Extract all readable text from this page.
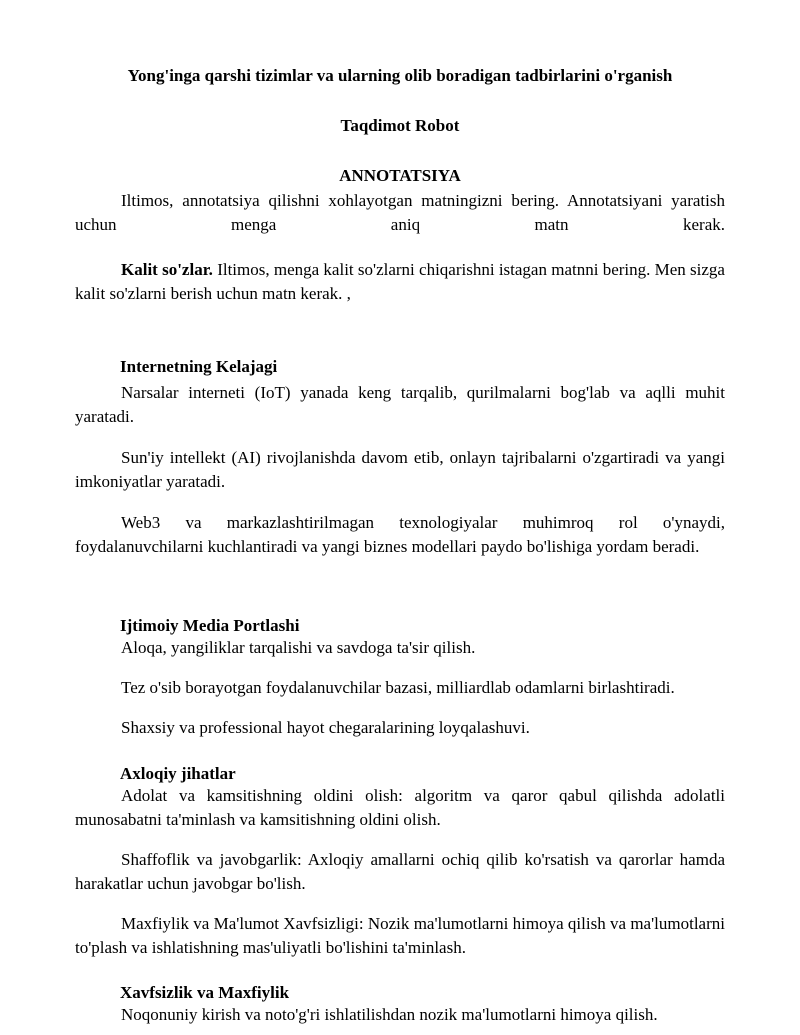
Yong'inga qarshi tizimlar va ularning olib boradigan tadbirlarini o'rganish
Taqdimot Robot
ANNOTATSIYA
Iltimos, annotatsiya qilishni xohlayotgan matningizni bering. Annotatsiyani yaratish uchun menga aniq matn kerak.
Kalit so'zlar. Iltimos, menga kalit so'zlarni chiqarishni istagan matnni bering. Men sizga kalit so'zlarni berish uchun matn kerak. ,
Internetning Kelajagi
Narsalar interneti (IoT) yanada keng tarqalib, qurilmalarni bog'lab va aqlli muhit yaratadi.
Sun'iy intellekt (AI) rivojlanishda davom etib, onlayn tajribalarni o'zgartiradi va yangi imkoniyatlar yaratadi.
Web3 va markazlashtirilmagan texnologiyalar muhimroq rol o'ynaydi, foydalanuvchilarni kuchlantiradi va yangi biznes modellari paydo bo'lishiga yordam beradi.
Ijtimoiy Media Portlashi
Aloqa, yangiliklar tarqalishi va savdoga ta'sir qilish.
Tez o'sib borayotgan foydalanuvchilar bazasi, milliardlab odamlarni birlashtiradi.
Shaxsiy va professional hayot chegaralarining loyqalashuvi.
Axloqiy jihatlar
Adolat va kamsitishning oldini olish: algoritm va qaror qabul qilishda adolatli munosabatni ta'minlash va kamsitishning oldini olish.
Shaffoflik va javobgarlik: Axloqiy amallarni ochiq qilib ko'rsatish va qarorlar hamda harakatlar uchun javobgar bo'lish.
Maxfiylik va Ma'lumot Xavfsizligi: Nozik ma'lumotlarni himoya qilish va ma'lumotlarni to'plash va ishlatishning mas'uliyatli bo'lishini ta'minlash.
Xavfsizlik va Maxfiylik
Noqonuniy kirish va noto'g'ri ishlatilishdan nozik ma'lumotlarni himoya qilish.
